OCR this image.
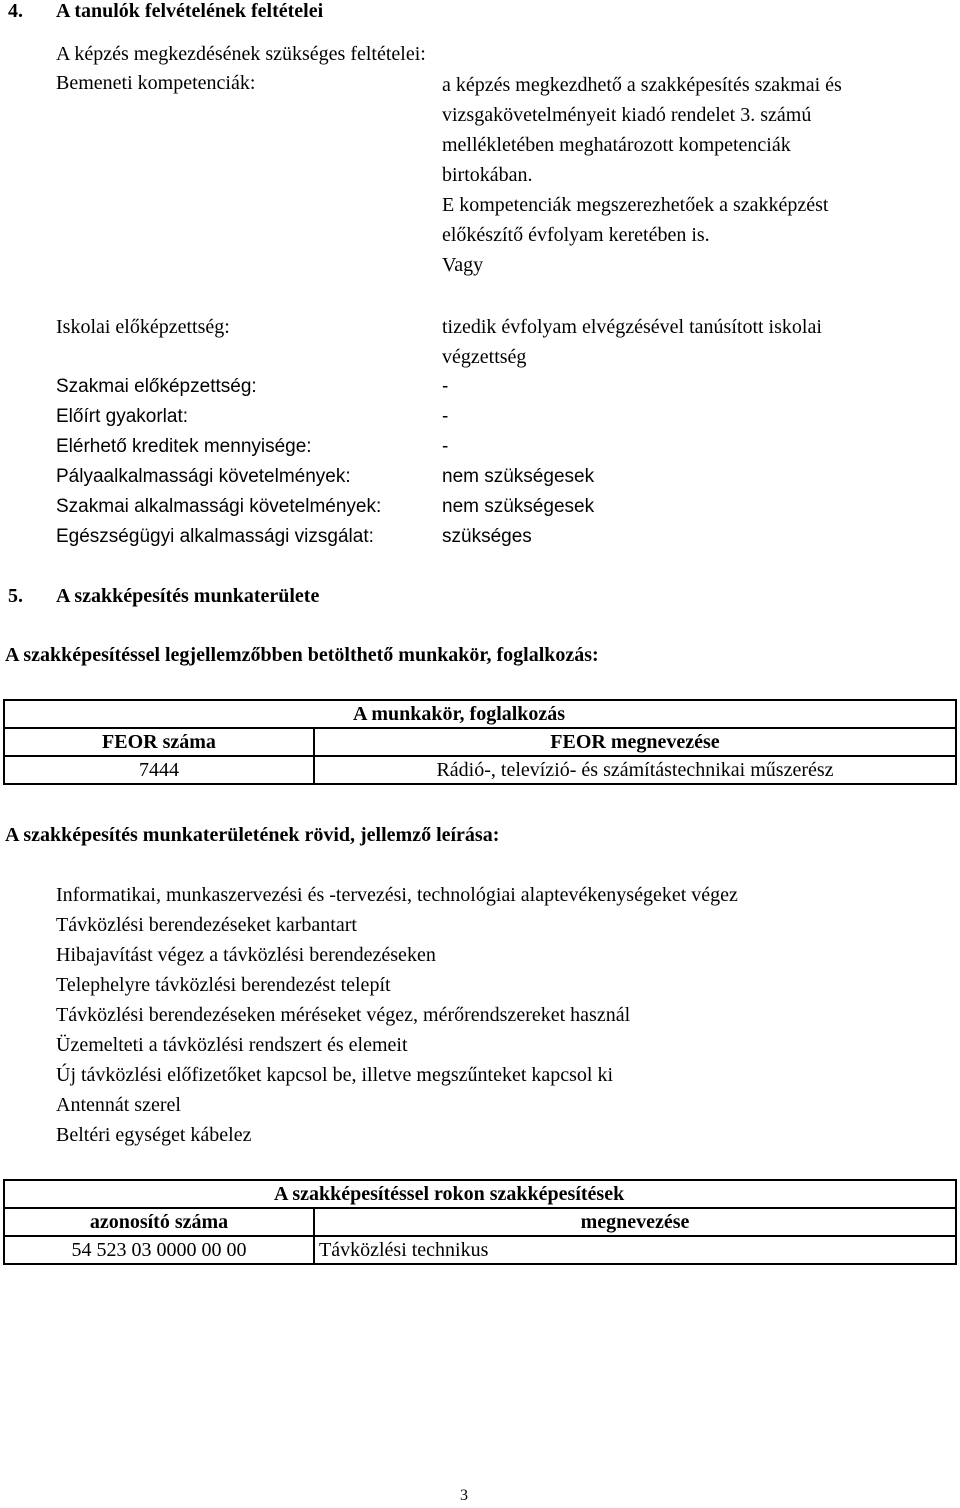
4. A tanulók felvételének feltételei
A képzés megkezdésének szükséges feltételei:
Bemeneti kompetenciák:	a képzés megkezdhető a szakképesítés szakmai és
vizsgakövetelményeit kiadó rendelet 3. számú
mellékletében meghatározott kompetenciák
birtokában.
E kompetenciák megszerezhetőek a szakképzést
előkészítő évfolyam keretében is.
Vagy
Iskolai előképzettség:	tizedik évfolyam elvégzésével tanúsított iskolai
végzettség
Szakmai előképzettség:	-
Előírt gyakorlat:	-
Elérhető kreditek mennyisége:	-
Pályaalkalmassági követelmények:	nem szükségesek
Szakmai alkalmassági követelmények:	nem szükségesek
Egészségügyi alkalmassági vizsgálat:	szükséges
5. A szakképesítés munkaterülete
A szakképesítéssel legjellemzőbben betölthető munkakör, foglalkozás:
	A munkakör, foglalkozás
FEOR száma	FEOR megnevezése
7444	Rádió-, televízió- és számítástechnikai műszerész
A szakképesítés munkaterületének rövid, jellemző leírása:
Informatikai, munkaszervezési és -tervezési, technológiai alaptevékenységeket végez
Távközlési berendezéseket karbantart
Hibajavítást végez a távközlési berendezéseken
Telephelyre távközlési berendezést telepít
Távközlési berendezéseken méréseket végez, mérőrendszereket használ
Üzemelteti a távközlési rendszert és elemeit
Új távközlési előfizetőket kapcsol be, illetve megszűnteket kapcsol ki
Antennát szerel
Beltéri egységet kábelez
	A szakképesítéssel rokon szakképesítések
azonosító száma	megnevezése
54 523 03 0000 00 00	Távközlési technikus
3
